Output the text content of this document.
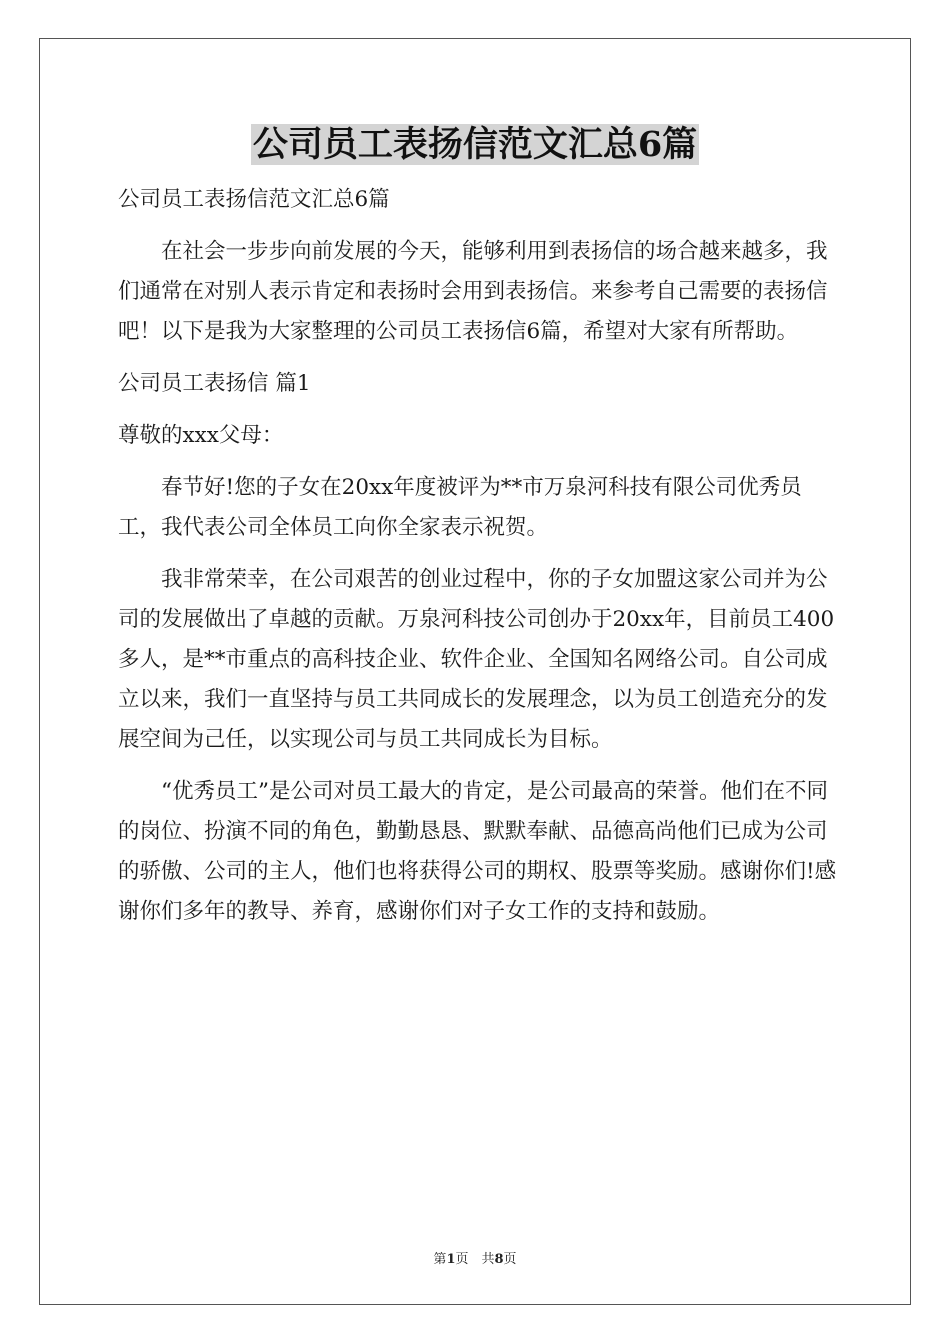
公司员工表扬信范文汇总6篇

公司员工表扬信范文汇总6篇

在社会一步步向前发展的今天，能够利用到表扬信的场合越来越多，我们通常在对别人表示肯定和表扬时会用到表扬信。来参考自己需要的表扬信吧！以下是我为大家整理的公司员工表扬信6篇，希望对大家有所帮助。

公司员工表扬信 篇1

尊敬的xxx父母：

春节好!您的子女在20xx年度被评为**市万泉河科技有限公司优秀员工，我代表公司全体员工向你全家表示祝贺。

我非常荣幸，在公司艰苦的创业过程中，你的子女加盟这家公司并为公司的发展做出了卓越的贡献。万泉河科技公司创办于20xx年，目前员工400多人，是**市重点的高科技企业、软件企业、全国知名网络公司。自公司成立以来，我们一直坚持与员工共同成长的发展理念，以为员工创造充分的发展空间为己任，以实现公司与员工共同成长为目标。

“优秀员工”是公司对员工最大的肯定，是公司最高的荣誉。他们在不同的岗位、扮演不同的角色，勤勤恳恳、默默奉献、品德高尚他们已成为公司的骄傲、公司的主人，他们也将获得公司的期权、股票等奖励。感谢你们!感谢你们多年的教导、养育，感谢你们对子女工作的支持和鼓励。

第1页　共8页
